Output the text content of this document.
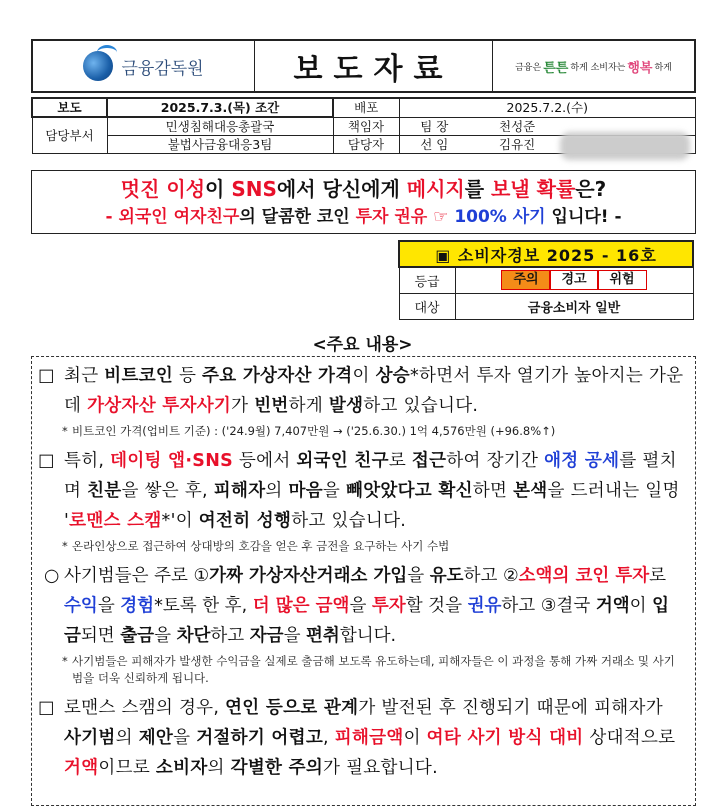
금융감독원	보도자료	금융은 튼튼 하게 소비자는 행복 하게
보도	2025.7.3.(목) 조간	배포	2025.7.2.(수)	
담당부서	민생침해대응총괄국	책임자	팀 장	천성준
	불법사금융대응3팀	담당자	선 임	김유진
멋진 이성이 SNS에서 당신에게 메시지를 보낼 확률은?
- 외국인 여자친구의 달콤한 코인 투자 권유 ☞ 100% 사기 입니다! -
▣ 소비자경보 2025 - 16호	
등급	주의 경고 위험
대상	금융소비자 일반
<주요 내용>
□ 최근 비트코인 등 주요 가상자산 가격이 상승*하면서 투자 열기가 높아지는 가운데 가상자산 투자사기가 빈번하게 발생하고 있습니다.
* 비트코인 가격(업비트 기준) : ('24.9월) 7,407만원 → ('25.6.30.) 1억 4,576만원 (+96.8%↑)
□ 특히, 데이팅 앱·SNS 등에서 외국인 친구로 접근하여 장기간 애정 공세를 펼치며 친분을 쌓은 후, 피해자의 마음을 빼앗았다고 확신하면 본색을 드러내는 일명 '로맨스 스캠*'이 여전히 성행하고 있습니다.
* 온라인상으로 접근하여 상대방의 호감을 얻은 후 금전을 요구하는 사기 수법
○ 사기범들은 주로 ①가짜 가상자산거래소 가입을 유도하고 ②소액의 코인 투자로 수익을 경험*토록 한 후, 더 많은 금액을 투자할 것을 권유하고 ③결국 거액이 입금되면 출금을 차단하고 자금을 편취합니다.
* 사기범들은 피해자가 발생한 수익금을 실제로 출금해 보도록 유도하는데, 피해자들은 이 과정을 통해 가짜 거래소 및 사기범을 더욱 신뢰하게 됩니다.
□ 로맨스 스캠의 경우, 연인 등으로 관계가 발전된 후 진행되기 때문에 피해자가 사기범의 제안을 거절하기 어렵고, 피해금액이 여타 사기 방식 대비 상대적으로 거액이므로 소비자의 각별한 주의가 필요합니다.
